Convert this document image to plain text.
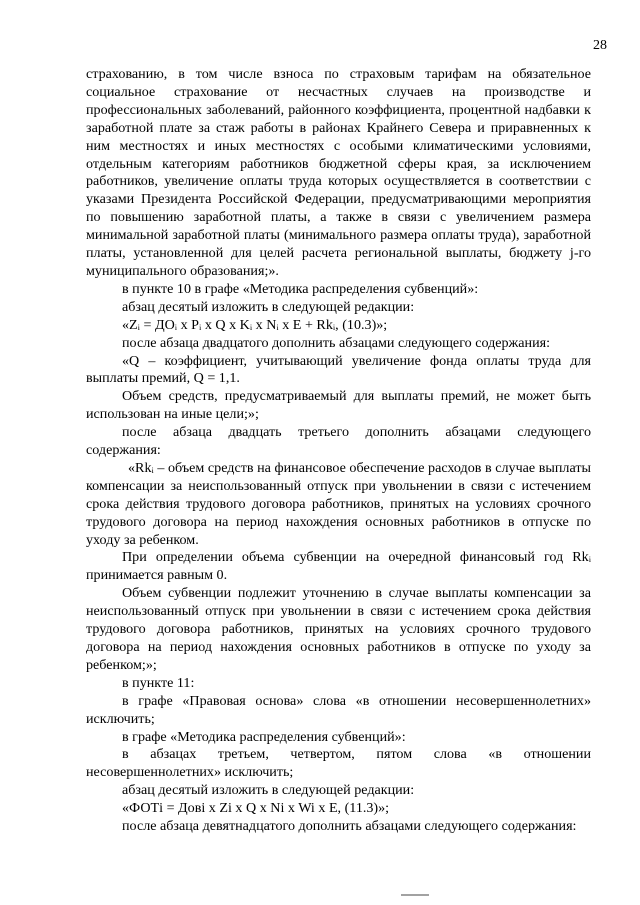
28

страхованию, в том числе взноса по страховым тарифам на обязательное социальное страхование от несчастных случаев на производстве и профессиональных заболеваний, районного коэффициента, процентной надбавки к заработной плате за стаж работы в районах Крайнего Севера и приравненных к ним местностях и иных местностях с особыми климатическими условиями, отдельным категориям работников бюджетной сферы края, за исключением работников, увеличение оплаты труда которых осуществляется в соответствии с указами Президента Российской Федерации, предусматривающими мероприятия по повышению заработной платы, а также в связи с увеличением размера минимальной заработной платы (минимального размера оплаты труда), заработной платы, установленной для целей расчета региональной выплаты, бюджету j-го муниципального образования;».

в пункте 10 в графе «Методика распределения субвенций»:

абзац десятый изложить в следующей редакции:

«Zᵢ = ДОᵢ x Pᵢ x Q x Kᵢ x Nᵢ x E + Rkᵢ, (10.3)»;

после абзаца двадцатого дополнить абзацами следующего содержания:

«Q – коэффициент, учитывающий увеличение фонда оплаты труда для выплаты премий, Q = 1,1.

Объем средств, предусматриваемый для выплаты премий, не может быть использован на иные цели;»;

после абзаца двадцать третьего дополнить абзацами следующего содержания:

«Rkᵢ – объем средств на финансовое обеспечение расходов в случае выплаты компенсации за неиспользованный отпуск при увольнении в связи с истечением срока действия трудового договора работников, принятых на условиях срочного трудового договора на период нахождения основных работников в отпуске по уходу за ребенком.

При определении объема субвенции на очередной финансовый год Rkᵢ принимается равным 0.

Объем субвенции подлежит уточнению в случае выплаты компенсации за неиспользованный отпуск при увольнении в связи с истечением срока действия трудового договора работников, принятых на условиях срочного трудового договора на период нахождения основных работников в отпуске по уходу за ребенком;»;

в пункте 11:

в графе «Правовая основа» слова «в отношении несовершеннолетних» исключить;

в графе «Методика распределения субвенций»:

в абзацах третьем, четвертом, пятом слова «в отношении несовершеннолетних» исключить;

абзац десятый изложить в следующей редакции:

«ФОТi = Дoвi x Zi x Q x Ni x Wi x E, (11.3)»;

после абзаца девятнадцатого дополнить абзацами следующего содержания:
